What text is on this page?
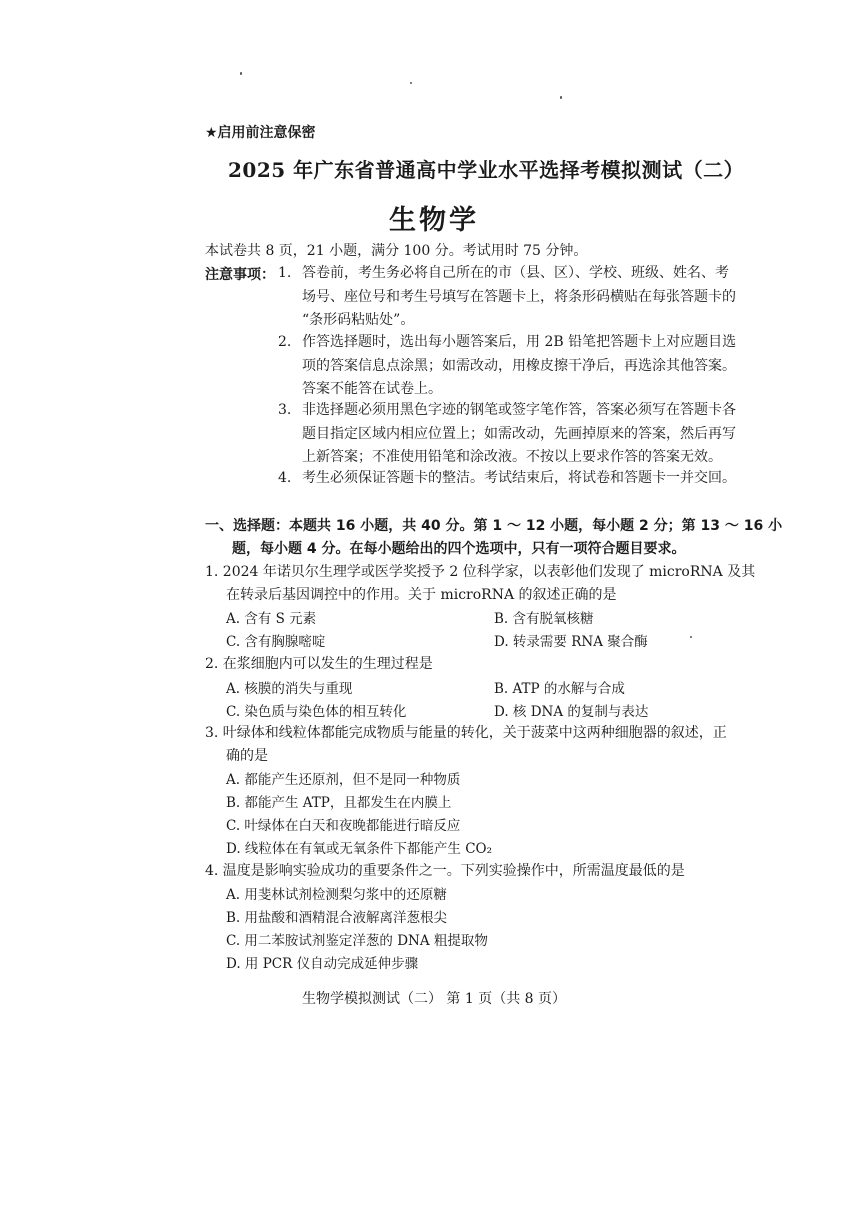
★启用前注意保密
2025 年广东省普通高中学业水平选择考模拟测试（二）
生物学
本试卷共 8 页，21 小题，满分 100 分。考试用时 75 分钟。
注意事项： 1. 答卷前，考生务必将自己所在的市（县、区）、学校、班级、姓名、考
场号、座位号和考生号填写在答题卡上，将条形码横贴在每张答题卡的
“条形码粘贴处”。
2. 作答选择题时，选出每小题答案后，用 2B 铅笔把答题卡上对应题目选
项的答案信息点涂黑；如需改动，用橡皮擦干净后，再选涂其他答案。
答案不能答在试卷上。
3. 非选择题必须用黑色字迹的钢笔或签字笔作答，答案必须写在答题卡各
题目指定区域内相应位置上；如需改动，先画掉原来的答案，然后再写
上新答案；不准使用铅笔和涂改液。不按以上要求作答的答案无效。
4. 考生必须保证答题卡的整洁。考试结束后，将试卷和答题卡一并交回。
一、选择题：本题共 16 小题，共 40 分。第 1 ～ 12 小题，每小题 2 分；第 13 ～ 16 小
题，每小题 4 分。在每小题给出的四个选项中，只有一项符合题目要求。
1. 2024 年诺贝尔生理学或医学奖授予 2 位科学家，以表彰他们发现了 microRNA 及其
在转录后基因调控中的作用。关于 microRNA 的叙述正确的是
A. 含有 S 元素	B. 含有脱氧核糖
C. 含有胸腺嘧啶	D. 转录需要 RNA 聚合酶
2. 在浆细胞内可以发生的生理过程是
A. 核膜的消失与重现	B. ATP 的水解与合成
C. 染色质与染色体的相互转化	D. 核 DNA 的复制与表达
3. 叶绿体和线粒体都能完成物质与能量的转化，关于菠菜中这两种细胞器的叙述，正
确的是
A. 都能产生还原剂，但不是同一种物质
B. 都能产生 ATP，且都发生在内膜上
C. 叶绿体在白天和夜晚都能进行暗反应
D. 线粒体在有氧或无氧条件下都能产生 CO₂
4. 温度是影响实验成功的重要条件之一。下列实验操作中，所需温度最低的是
A. 用斐林试剂检测梨匀浆中的还原糖
B. 用盐酸和酒精混合液解离洋葱根尖
C. 用二苯胺试剂鉴定洋葱的 DNA 粗提取物
D. 用 PCR 仪自动完成延伸步骤
生物学模拟测试（二） 第 1 页（共 8 页）
